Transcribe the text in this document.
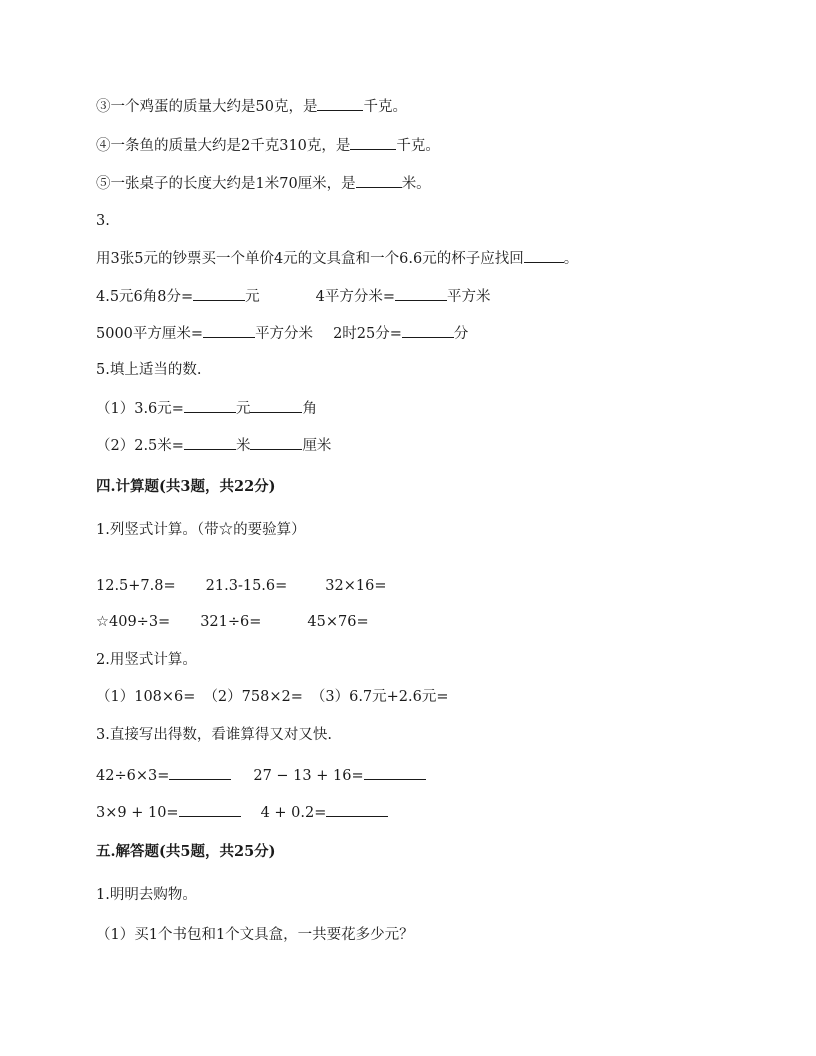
③一个鸡蛋的质量大约是50克，是	千克。
④一条鱼的质量大约是2千克310克，是	千克。
⑤一张桌子的长度大约是1米70厘米，是	米。
3.
用3张5元的钞票买一个单价4元的文具盒和一个6.6元的杯子应找回	。
4.5元6角8分=	元	4平方分米=	平方米
5000平方厘米=	平方分米 2时25分=	分
5.填上适当的数.
（1）3.6元=	元	角
（2）2.5米=	米	厘米
四.计算题(共3题，共22分)
1.列竖式计算。（带☆的要验算）
12.5+7.8= 21.3-15.6=	32×16=
☆409÷3= 321÷6=	45×76=
2.用竖式计算。
（1）108×6= （2）758×2= （3）6.7元+2.6元=
3.直接写出得数，看谁算得又对又快.
42÷6×3=	27 − 13 + 16=
3×9 + 10=	4 + 0.2=
五.解答题(共5题，共25分)
1.明明去购物。
（1）买1个书包和1个文具盒，一共要花多少元？
